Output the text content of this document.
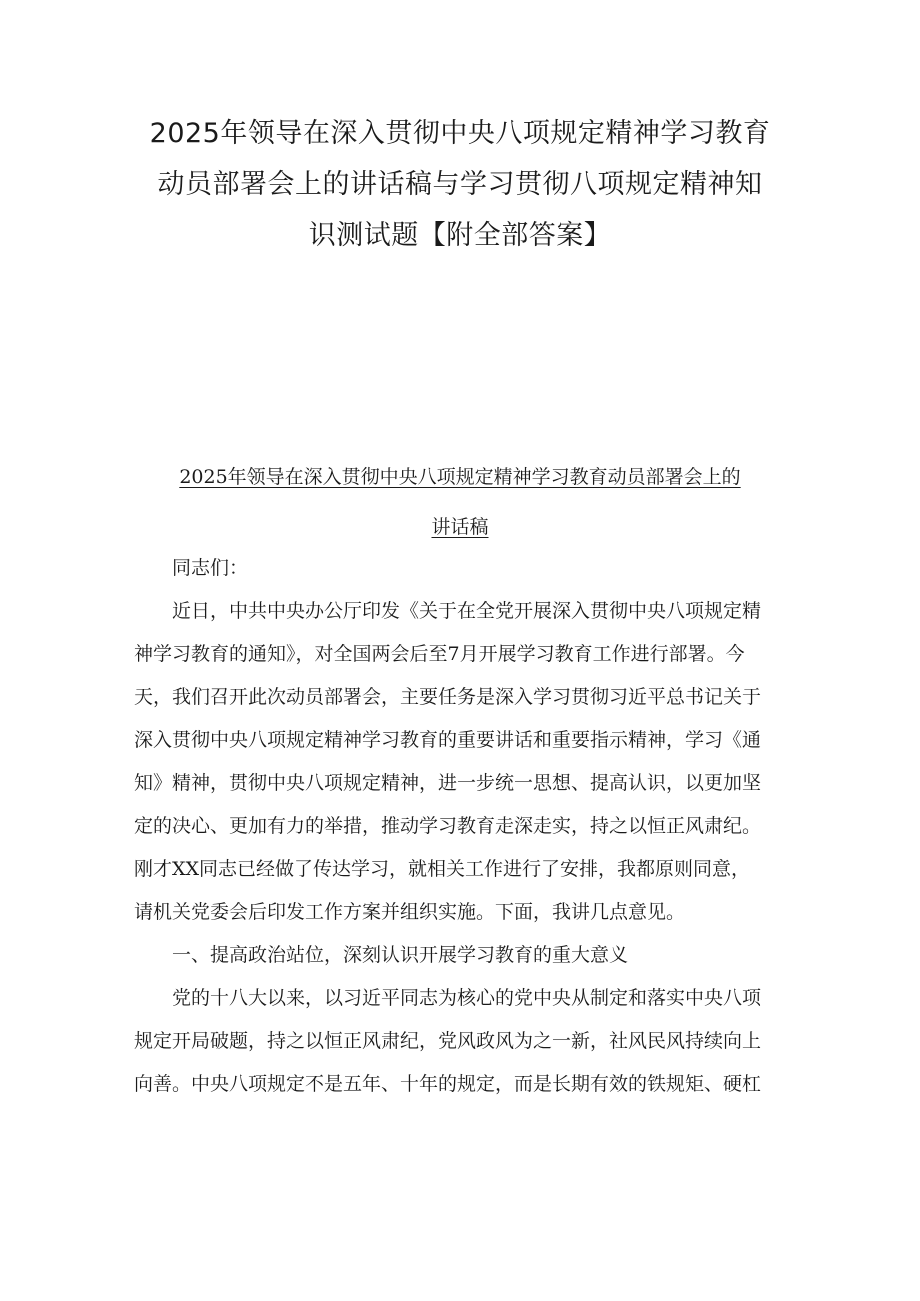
2025年领导在深入贯彻中央八项规定精神学习教育
动员部署会上的讲话稿与学习贯彻八项规定精神知
识测试题【附全部答案】
2025年领导在深入贯彻中央八项规定精神学习教育动员部署会上的
讲话稿
同志们：
近日，中共中央办公厅印发《关于在全党开展深入贯彻中央八项规定精
神学习教育的通知》，对全国两会后至7月开展学习教育工作进行部署。今
天，我们召开此次动员部署会，主要任务是深入学习贯彻习近平总书记关于
深入贯彻中央八项规定精神学习教育的重要讲话和重要指示精神，学习《通
知》精神，贯彻中央八项规定精神，进一步统一思想、提高认识，以更加坚
定的决心、更加有力的举措，推动学习教育走深走实，持之以恒正风肃纪。
刚才XX同志已经做了传达学习，就相关工作进行了安排，我都原则同意，
请机关党委会后印发工作方案并组织实施。下面，我讲几点意见。
一、提高政治站位，深刻认识开展学习教育的重大意义
党的十八大以来，以习近平同志为核心的党中央从制定和落实中央八项
规定开局破题，持之以恒正风肃纪，党风政风为之一新，社风民风持续向上
向善。中央八项规定不是五年、十年的规定，而是长期有效的铁规矩、硬杠
